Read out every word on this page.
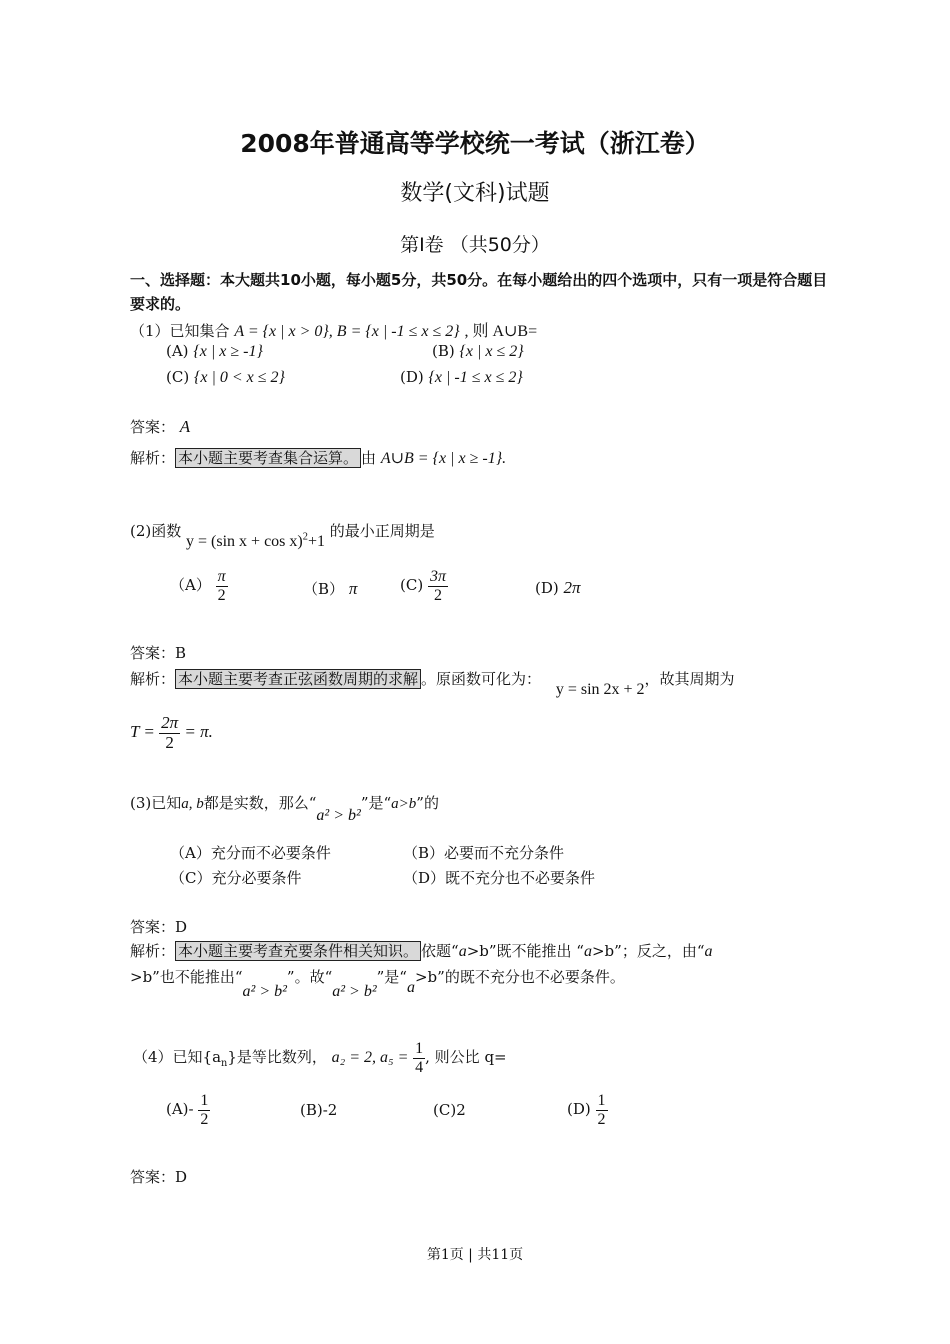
2008年普通高等学校统一考试（浙江卷）
数学(文科)试题
第Ⅰ卷 （共50分）
一、选择题：本大题共10小题，每小题5分，共50分。在每小题给出的四个选项中，只有一项是符合题目要求的。
（1）已知集合 A = {x | x > 0}, B = {x | -1 ≤ x ≤ 2} , 则 A∪B=
(A) {x | x ≥ -1}	(B) {x | x ≤ 2}
(C) {x | 0 < x ≤ 2}	(D) {x | -1 ≤ x ≤ 2}
答案： A
解析： 本小题主要考查集合运算。 由 A∪B = {x | x ≥ -1}.
(2)函数 y = (sin x + cos x)$^2$+1 的最小正周期是
$(A) \frac{\pi}{2}$	（B） π	$(C) \frac{3\pi}{2}$	(D) 2π
答案：B
解析： 本小题主要考查正弦函数周期的求解 。原函数可化为： y = sin 2x + 2，故其周期为
$T = \frac{2\pi}{2} = \pi$.
(3)已知a, b都是实数，那么“a² > b²”是“a>b”的
（A）充分而不必要条件	（B）必要而不充分条件
（C）充分必要条件	（D）既不充分也不必要条件
答案：D
解析： 本小题主要考查充要条件相关知识。 依题“a>b”既不能推出 “a>b”；反之，由“a
>b”也不能推出“a² > b²”。故“a² > b²”是“a>b”的既不充分也不必要条件。
（4）已知$\{a_n\}$是等比数列， a₂ = 2, $a_5 = \frac{1}{4}$ , 则公比 q=
$(A)- \frac{1}{2}$	(B)-2	(C)2	$(D) \frac{1}{2}$
答案：D
第1页 | 共11页
